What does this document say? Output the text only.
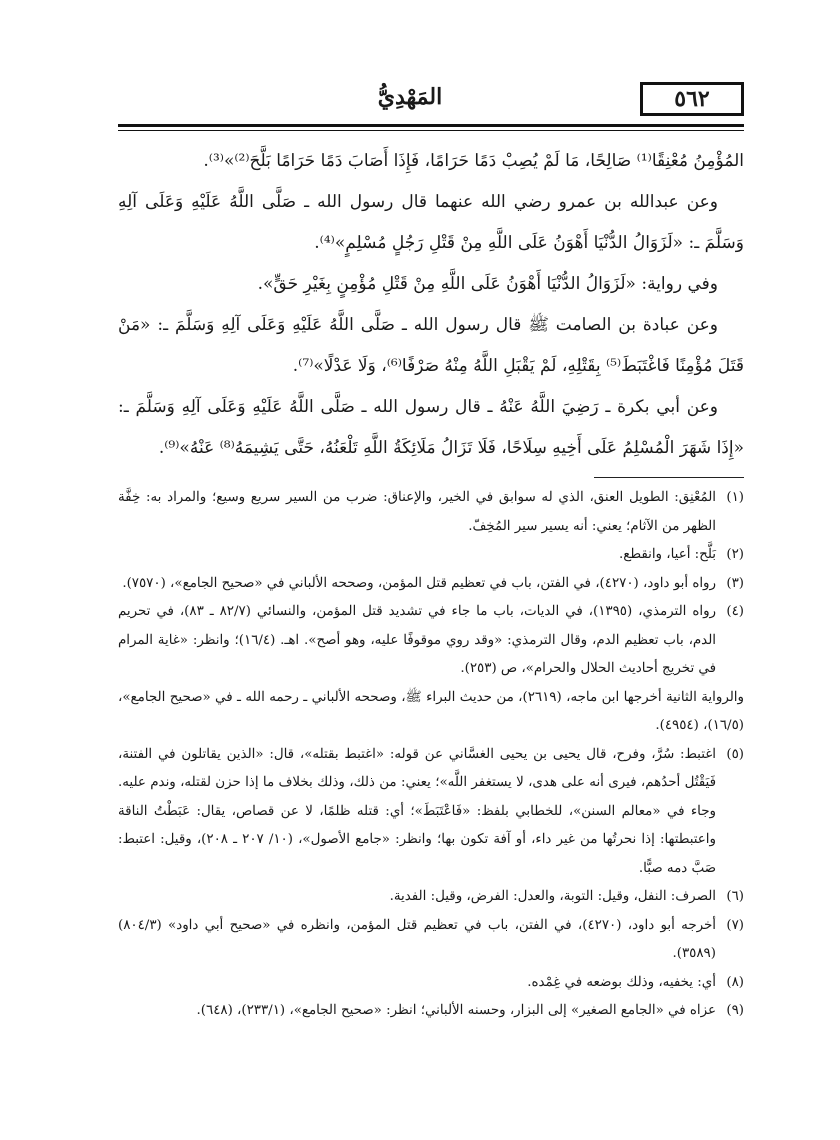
٥٦٢
المَهْدِيُّ

المُؤْمِنُ مُعْنِقًا⁽¹⁾ صَالِحًا، مَا لَمْ يُصِبْ دَمًا حَرَامًا، فَإِذَا أَصَابَ دَمًا حَرَامًا بَلَّحَ⁽²⁾»⁽³⁾.

وعن عبدالله بن عمرو رضي الله عنهما قال رسول الله ـ صَلَّى اللَّهُ عَلَيْهِ وَعَلَى آلِهِ وَسَلَّمَ ـ: «لَزَوَالُ الدُّنْيَا أَهْوَنُ عَلَى اللَّهِ مِنْ قَتْلِ رَجُلٍ مُسْلِمٍ»⁽⁴⁾.

وفي رواية: «لَزَوَالُ الدُّنْيَا أَهْوَنُ عَلَى اللَّهِ مِنْ قَتْلِ مُؤْمِنٍ بِغَيْرِ حَقٍّ».

وعن عبادة بن الصامت ﷺ قال رسول الله ـ صَلَّى اللَّهُ عَلَيْهِ وَعَلَى آلِهِ وَسَلَّمَ ـ: «مَنْ قَتَلَ مُؤْمِنًا فَاغْتَبَطَ⁽⁵⁾ بِقَتْلِهِ، لَمْ يَقْبَلِ اللَّهُ مِنْهُ صَرْفًا⁽⁶⁾، وَلَا عَدْلًا»⁽⁷⁾.

وعن أبي بكرة ـ رَضِيَ اللَّهُ عَنْهُ ـ قال رسول الله ـ صَلَّى اللَّهُ عَلَيْهِ وَعَلَى آلِهِ وَسَلَّمَ ـ: «إِذَا شَهَرَ الْمُسْلِمُ عَلَى أَخِيهِ سِلَاحًا، فَلَا تَزَالُ مَلَائِكَةُ اللَّهِ تَلْعَنُهُ، حَتَّى يَشِيمَهُ⁽⁸⁾ عَنْهُ»⁽⁹⁾.

(١)
المُعْنِق: الطويل العنق، الذي له سوابق في الخير، والإعناق: ضرب من السير سريع وسيع؛ والمراد به: خِفَّة الظهر من الآثام؛ يعني: أنه يسير سير المُخِفّ.
(٢)
بَلَّح: أعيا، وانقطع.
(٣)
رواه أبو داود، (٤٢٧٠)، في الفتن، باب في تعظيم قتل المؤمن، وصححه الألباني في «صحيح الجامع»، (٧٥٧٠).
(٤)
رواه الترمذي، (١٣٩٥)، في الديات، باب ما جاء في تشديد قتل المؤمن، والنسائي (٨٢/٧ ـ ٨٣)، في تحريم الدم، باب تعظيم الدم، وقال الترمذي: «وقد روي موقوفًا عليه، وهو أصح». اهـ. (١٦/٤)؛ وانظر: «غاية المرام في تخريج أحاديث الحلال والحرام»، ص (٢٥٣).
والرواية الثانية أخرجها ابن ماجه، (٢٦١٩)، من حديث البراء ﷺ، وصححه الألباني ـ رحمه الله ـ في «صحيح الجامع»، (١٦/٥)، (٤٩٥٤).
(٥)
اغتبط: سُرَّ، وفرح، قال يحيى بن يحيى الغسَّاني عن قوله: «اغتبط بقتله»، قال: «الذين يقاتلون في الفتنة، فَيَقْتُل أحدُهم، فيرى أنه على هدى، لا يستغفر اللَّه»؛ يعني: من ذلك، وذلك بخلاف ما إذا حزن لقتله، وندم عليه. وجاء في «معالم السنن»، للخطابي بلفظ: «فَاعْتَبَطَ»؛ أي: قتله ظلمًا، لا عن قصاص، يقال: عَبَطْتُ الناقة واعتبطتها: إذا نحرتُها من غير داء، أو آفة تكون بها؛ وانظر: «جامع الأصول»، (١٠/ ٢٠٧ ـ ٢٠٨)، وقيل: اعتبط: صَبَّ دمه صبًّا.
(٦)
الصرف: النفل، وقيل: التوبة، والعدل: الفرض، وقيل: الفدية.
(٧)
أخرجه أبو داود، (٤٢٧٠)، في الفتن، باب في تعظيم قتل المؤمن، وانظره في «صحيح أبي داود» (٨٠٤/٣) (٣٥٨٩).
(٨)
أي: يخفيه، وذلك بوضعه في غِمْده.
(٩)
عزاه في «الجامع الصغير» إلى البزار، وحسنه الألباني؛ انظر: «صحيح الجامع»، (٢٣٣/١)، (٦٤٨).
